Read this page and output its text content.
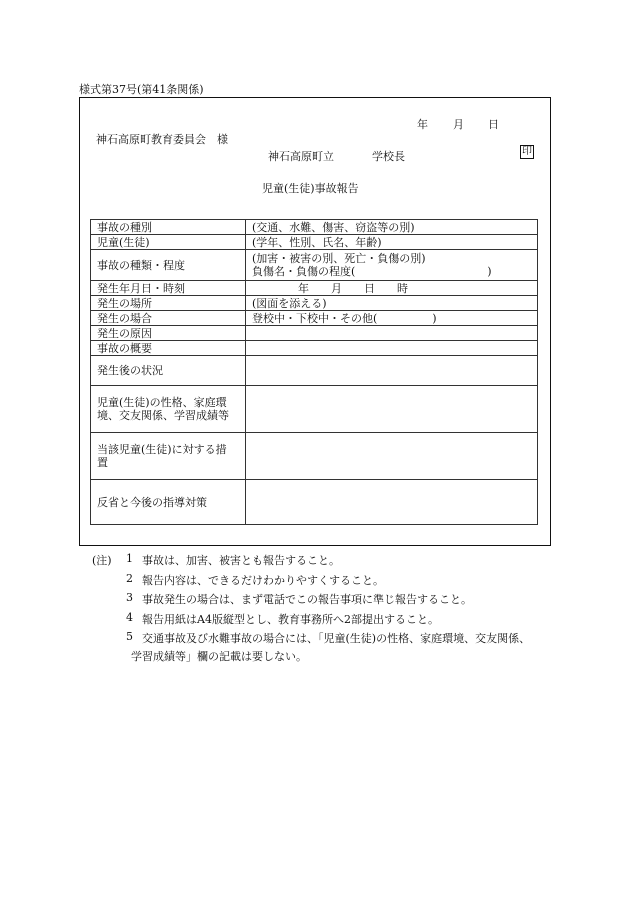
様式第37号(第41条関係)
年 月 日
神石高原町教育委員会　様
神石高原町立	学校長	印
児童(生徒)事故報告
事故の種別	(交通、水難、傷害、窃盗等の別)
児童(生徒)	(学年、性別、氏名、年齢)
事故の種類・程度	(加害・被害の別、死亡・負傷の別)
負傷名・負傷の程度(　　　　　　　　　　　　)

発生年月日・時刻	年　　月　　日　　時
発生の場所	(図面を添える)
発生の場合	登校中・下校中・その他(　　　　　)
発生の原因	
事故の概要	
発生後の状況	

児童(生徒)の性格、家庭環
境、交友関係、学習成績等	

当該児童(生徒)に対する措
置	

反省と今後の指導対策	
(注) 1 事故は、加害、被害とも報告すること。
2 報告内容は、できるだけわかりやすくすること。
3 事故発生の場合は、まず電話でこの報告事項に準じ報告すること。
4 報告用紙はA4版縦型とし、教育事務所へ2部提出すること。
5 交通事故及び水難事故の場合には、「児童(生徒)の性格、家庭環境、交友関係、
学習成績等」欄の記載は要しない。
